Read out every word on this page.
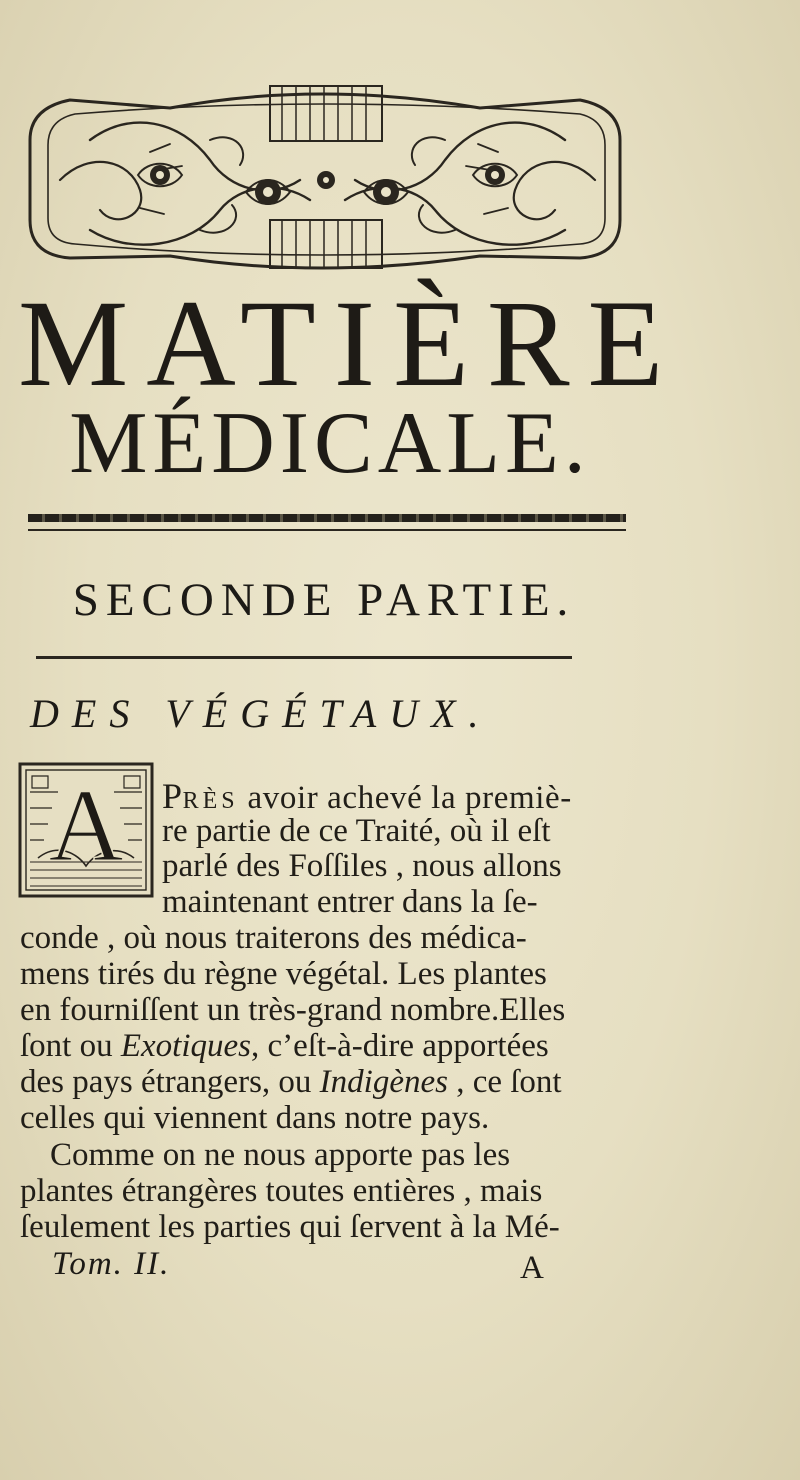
MATIÈRE
MÉDICALE.
SECONDE PARTIE.
DES VÉGÉTAUX.
A PRÈS avoir achevé la premiè-

re partie de ce Traité, où il eſt

parlé des Foſſiles , nous allons

maintenant entrer dans la ſe-

conde , où nous traiterons des médica-

mens tirés du règne végétal. Les plantes

en fourniſſent un très-grand nombre.Elles

ſont ou Exotiques, c’eſt-à-dire apportées

des pays étrangers, ou Indigènes , ce ſont

celles qui viennent dans notre pays.

Comme on ne nous apporte pas les

plantes étrangères toutes entières , mais

ſeulement les parties qui ſervent à la Mé-

Tom. II.	A
